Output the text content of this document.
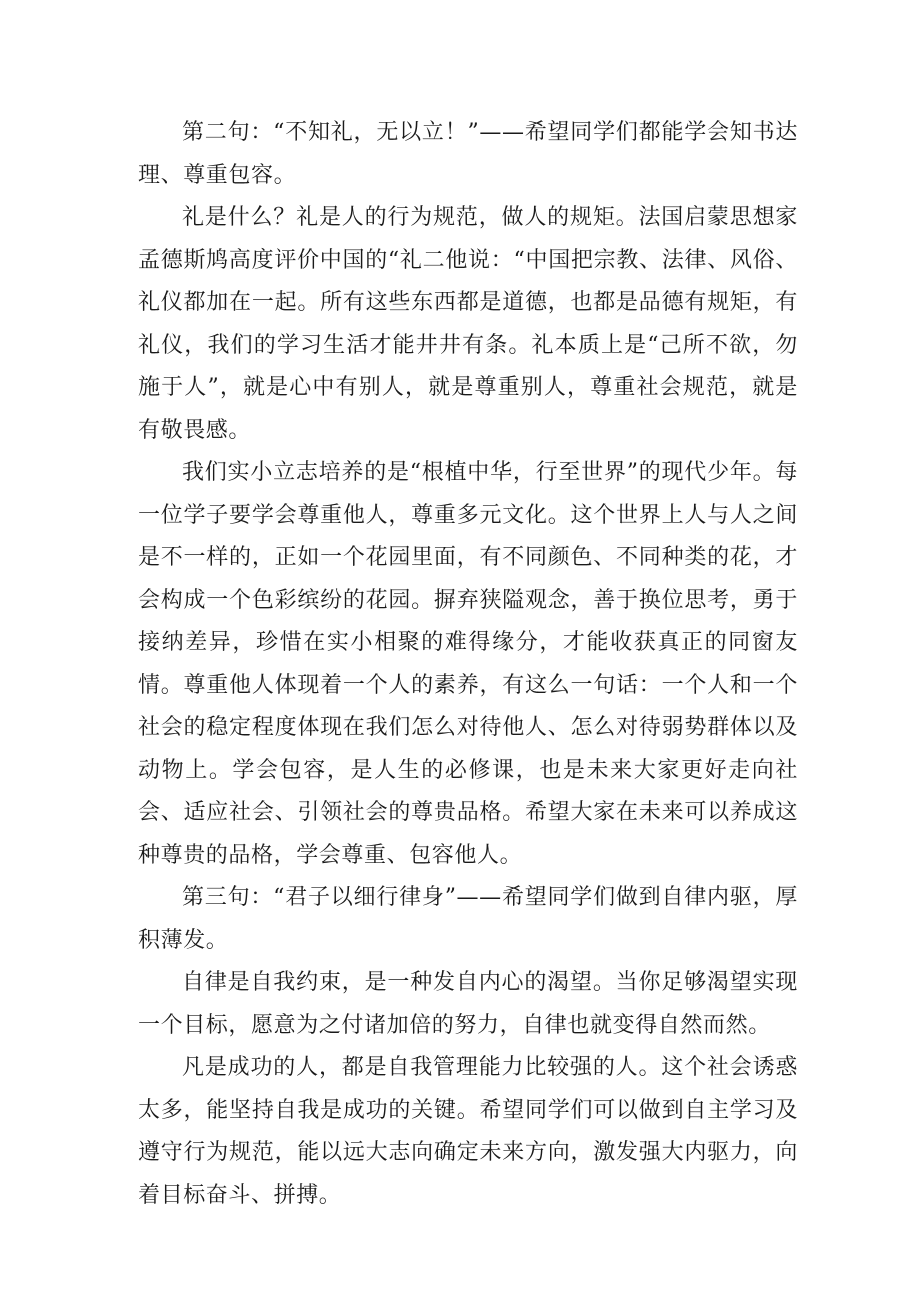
第二句：“不知礼，无以立！”——希望同学们都能学会知书达理、尊重包容。

礼是什么？礼是人的行为规范，做人的规矩。法国启蒙思想家孟德斯鸠高度评价中国的“礼二他说：“中国把宗教、法律、风俗、礼仪都加在一起。所有这些东西都是道德，也都是品德有规矩，有礼仪，我们的学习生活才能井井有条。礼本质上是“己所不欲，勿施于人”，就是心中有别人，就是尊重别人，尊重社会规范，就是有敬畏感。

我们实小立志培养的是“根植中华，行至世界”的现代少年。每一位学子要学会尊重他人，尊重多元文化。这个世界上人与人之间是不一样的，正如一个花园里面，有不同颜色、不同种类的花，才会构成一个色彩缤纷的花园。摒弃狭隘观念，善于换位思考，勇于接纳差异，珍惜在实小相聚的难得缘分，才能收获真正的同窗友情。尊重他人体现着一个人的素养，有这么一句话：一个人和一个社会的稳定程度体现在我们怎么对待他人、怎么对待弱势群体以及动物上。学会包容，是人生的必修课，也是未来大家更好走向社会、适应社会、引领社会的尊贵品格。希望大家在未来可以养成这种尊贵的品格，学会尊重、包容他人。

第三句：“君子以细行律身”——希望同学们做到自律内驱，厚积薄发。

自律是自我约束，是一种发自内心的渴望。当你足够渴望实现一个目标，愿意为之付诸加倍的努力，自律也就变得自然而然。

凡是成功的人，都是自我管理能力比较强的人。这个社会诱惑太多，能坚持自我是成功的关键。希望同学们可以做到自主学习及遵守行为规范，能以远大志向确定未来方向，激发强大内驱力，向着目标奋斗、拼搏。
